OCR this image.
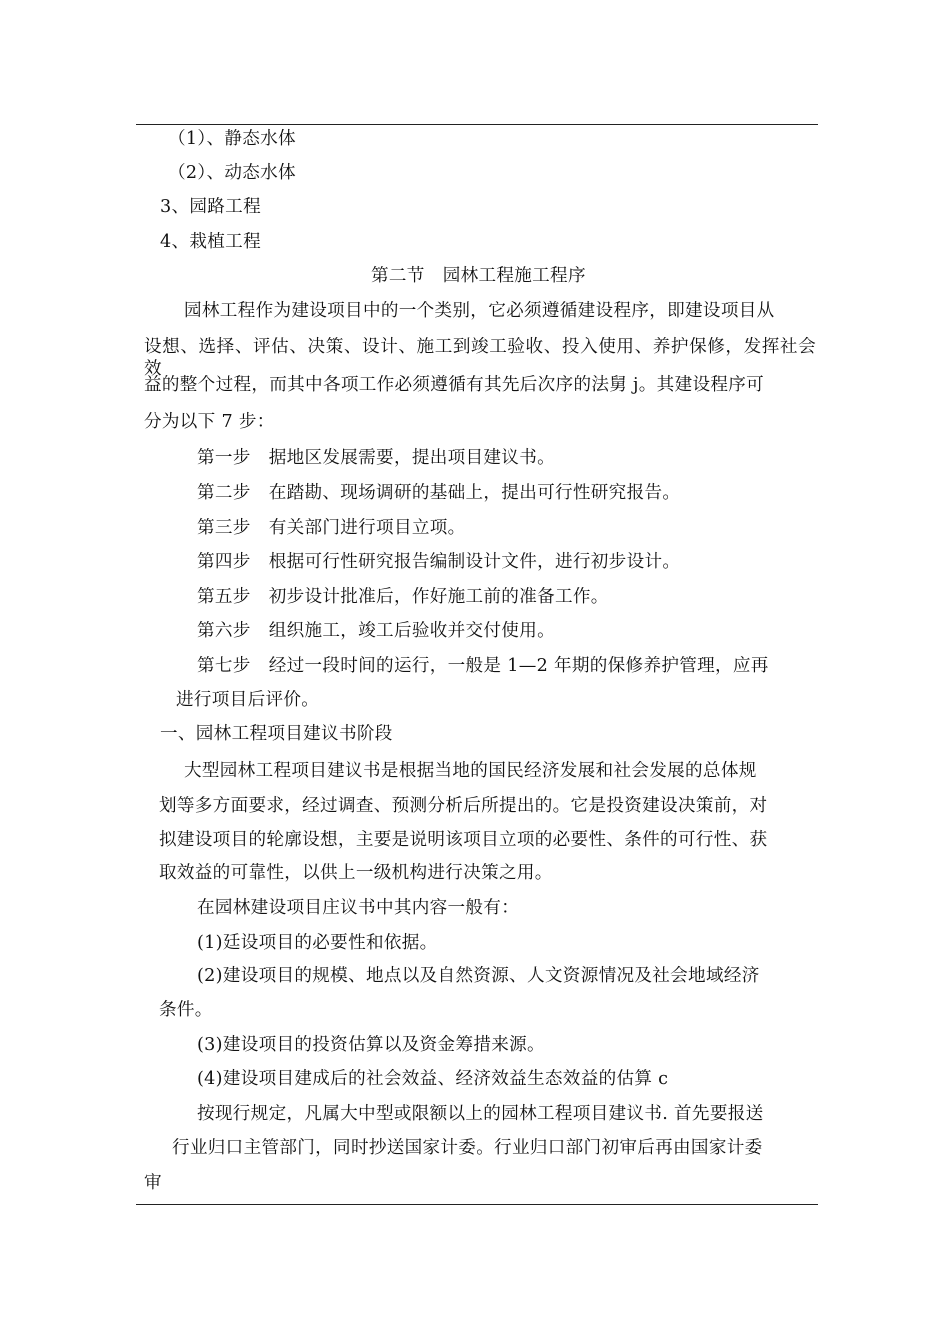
（1）、静态水体
（2）、动态水体
3、园路工程
4、栽植工程
第二节 园林工程施工程序
园林工程作为建设项目中的一个类别，它必须遵循建设程序，即建设项目从
设想、选择、评估、决策、设计、施工到竣工验收、投入使用、养护保修，发挥社会效
益的整个过程，而其中各项工作必须遵循有其先后次序的法舅 j。其建设程序可
分为以下 7 步：
第一步 据地区发展需要，提出项目建议书。
第二步 在踏勘、现场调研的基础上，提出可行性研究报告。
第三步 有关部门进行项目立项。
第四步 根据可行性研究报告编制设计文件，进行初步设计。
第五步 初步设计批准后，作好施工前的准备工作。
第六步 组织施工，竣工后验收并交付使用。
第七步 经过一段时间的运行，一般是 1—2 年期的保修养护管理，应再
进行项目后评价。
一、园林工程项目建议书阶段
大型园林工程项目建议书是根据当地的国民经济发展和社会发展的总体规
划等多方面要求，经过调查、预测分析后所提出的。它是投资建设决策前，对
拟建设项目的轮廓设想，主要是说明该项目立项的必要性、条件的可行性、获
取效益的可靠性，以供上一级机构进行决策之用。
在园林建设项目庄议书中其内容一般有：
(1)廷设项目的必要性和依据。
(2)建设项目的规模、地点以及自然资源、人文资源情况及社会地域经济
条件。
(3)建设项目的投资估算以及资金筹措来源。
(4)建设项目建成后的社会效益、经济效益生态效益的估算 c
按现行规定，凡属大中型或限额以上的园林工程项目建议书. 首先要报送
行业归口主管部门，同时抄送国家计委。行业归口部门初审后再由国家计委
审
